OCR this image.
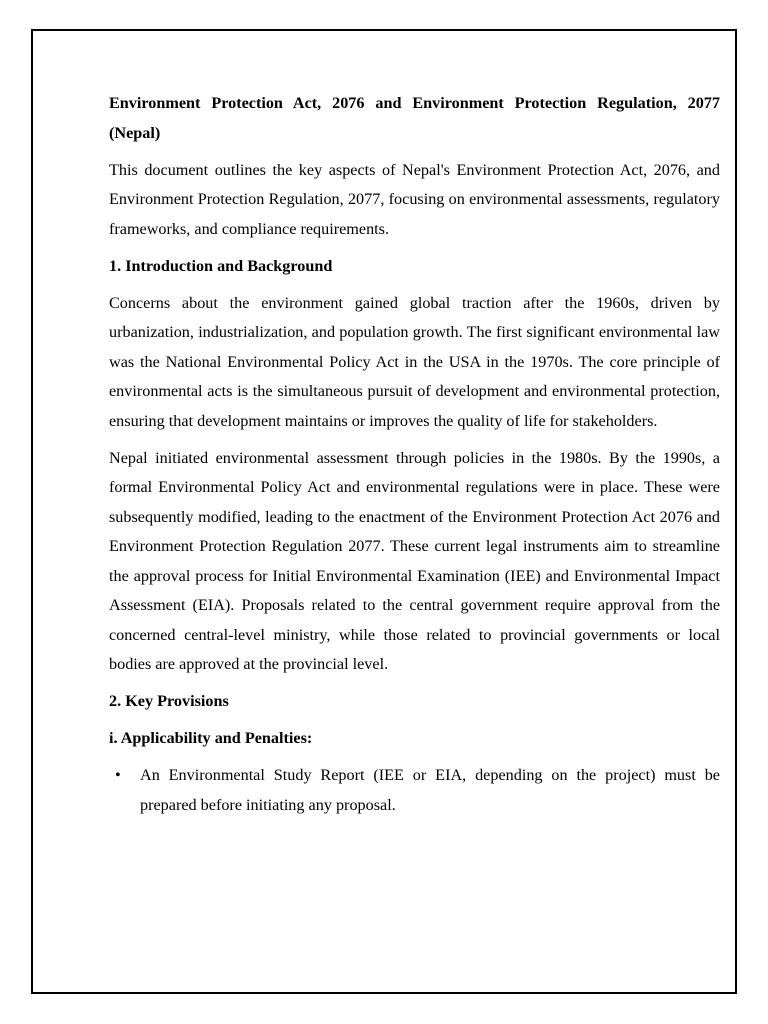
Environment Protection Act, 2076 and Environment Protection Regulation, 2077 (Nepal)

This document outlines the key aspects of Nepal's Environment Protection Act, 2076, and Environment Protection Regulation, 2077, focusing on environmental assessments, regulatory frameworks, and compliance requirements.

1. Introduction and Background

Concerns about the environment gained global traction after the 1960s, driven by urbanization, industrialization, and population growth. The first significant environmental law was the National Environmental Policy Act in the USA in the 1970s. The core principle of environmental acts is the simultaneous pursuit of development and environmental protection, ensuring that development maintains or improves the quality of life for stakeholders.

Nepal initiated environmental assessment through policies in the 1980s. By the 1990s, a formal Environmental Policy Act and environmental regulations were in place. These were subsequently modified, leading to the enactment of the Environment Protection Act 2076 and Environment Protection Regulation 2077. These current legal instruments aim to streamline the approval process for Initial Environmental Examination (IEE) and Environmental Impact Assessment (EIA). Proposals related to the central government require approval from the concerned central-level ministry, while those related to provincial governments or local bodies are approved at the provincial level.

2. Key Provisions

i. Applicability and Penalties:

• An Environmental Study Report (IEE or EIA, depending on the project) must be prepared before initiating any proposal.
